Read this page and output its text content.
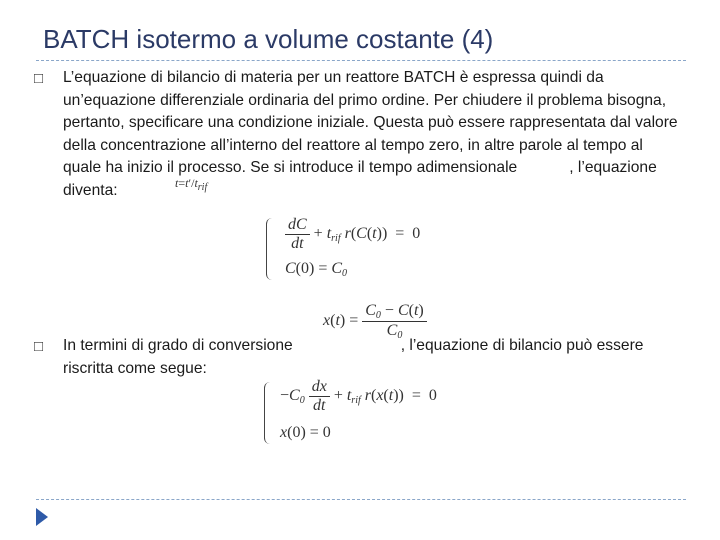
BATCH isotermo a volume costante (4)
□ L’equazione di bilancio di materia per un reattore BATCH è espressa quindi da un’equazione differenziale ordinaria del primo ordine. Per chiudere il problema bisogna, pertanto, specificare una condizione iniziale. Questa può essere rappresentata dal valore della concentrazione all’interno del reattore al tempo zero, in altre parole al tempo al quale ha inizio il processo. Se si introduce il tempo adimensionale	, l’equazione diventa:	$t=t'/t_{rif}$
$\frac{dC}{dt}$ + trif r(C(t))  =  0
C(0) = C0
$x(t) = \frac{C0 - C(t)}{C0}$
□ In termini di grado di conversione	, l’equazione di bilancio può essere riscritta come segue:
$-C0 \frac{dx}{dt}$ + trif r(x(t))  =  0
x(0) = 0
